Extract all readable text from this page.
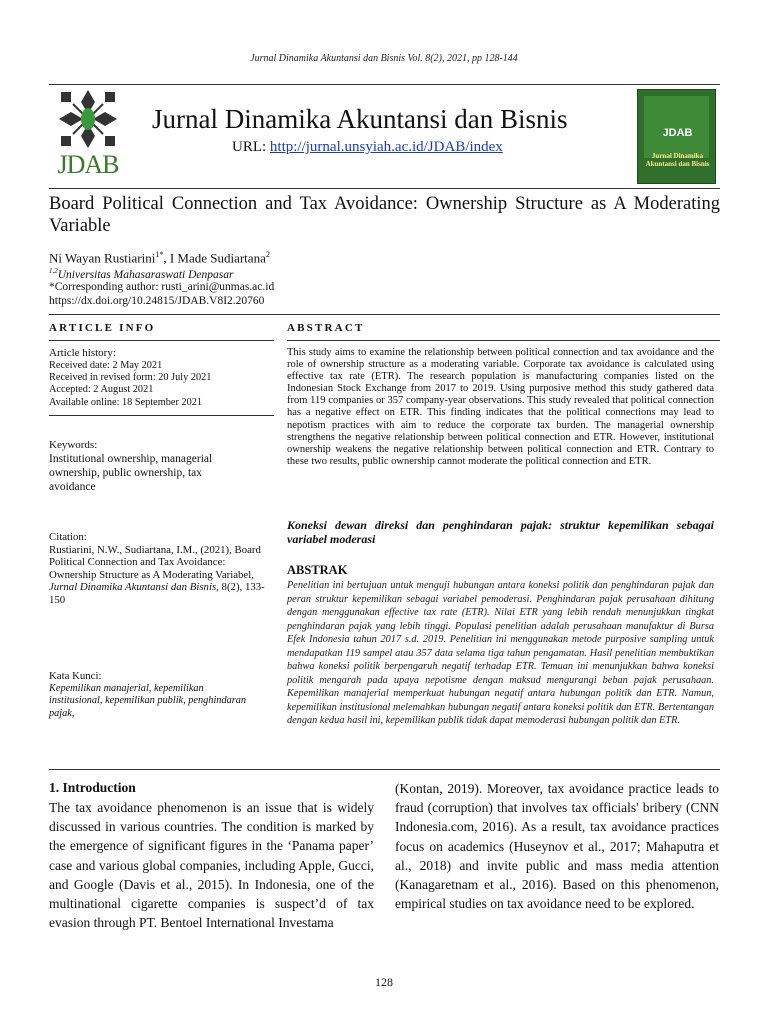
Jurnal Dinamika Akuntansi dan Bisnis Vol. 8(2), 2021, pp 128-144
JDAB
Jurnal Dinamika Akuntansi dan Bisnis
URL: http://jurnal.unsyiah.ac.id/JDAB/index
JDAB
Jurnal Dinamika Akuntansi dan Bisnis
Board Political Connection and Tax Avoidance: Ownership Structure as A Moderating Variable
Ni Wayan Rustiarini$^{1*}$, I Made Sudiartana$^2$
$^{1,2}$Universitas Mahasaraswati Denpasar
*Corresponding author: rusti_arini@unmas.ac.id
https://dx.doi.org/10.24815/JDAB.V8I2.20760
ARTICLE INFO	ABSTRACT
Article history:
Received date: 2 May 2021
Received in revised form: 20 July 2021
Accepted: 2 August 2021
Available online: 18 September 2021
Keywords:
Institutional ownership, managerial ownership, public ownership, tax avoidance
Citation:
Rustiarini, N.W., Sudiartana, I.M., (2021), Board Political Connection and Tax Avoidance: Ownership Structure as A Moderating Variabel, Jurnal Dinamika Akuntansi dan Bisnis, 8(2), 133-150
Kata Kunci:
Kepemilikan manajerial, kepemilikan institusional, kepemilikan publik, penghindaran pajak,
This study aims to examine the relationship between political connection and tax avoidance and the role of ownership structure as a moderating variable. Corporate tax avoidance is calculated using effective tax rate (ETR). The research population is manufacturing companies listed on the Indonesian Stock Exchange from 2017 to 2019. Using purposive method this study gathered data from 119 companies or 357 company-year observations. This study revealed that political connection has a negative effect on ETR. This finding indicates that the political connections may lead to nepotism practices with aim to reduce the corporate tax burden. The managerial ownership strengthens the negative relationship between political connection and ETR. However, institutional ownership weakens the negative relationship between political connection and ETR. Contrary to these two results, public ownership cannot moderate the political connection and ETR.
Koneksi dewan direksi dan penghindaran pajak: struktur kepemilikan sebagai variabel moderasi
ABSTRAK
Penelitian ini bertujuan untuk menguji hubungan antara koneksi politik dan penghindaran pajak dan peran struktur kepemilikan sebagai variabel pemoderasi. Penghindaran pajak perusahaan dihitung dengan menggunakan effective tax rate (ETR). Nilai ETR yang lebih rendah menunjukkan tingkat penghindaran pajak yang lebih tinggi. Populasi penelitian adalah perusahaan manufaktur di Bursa Efek Indonesia tahun 2017 s.d. 2019. Penelitian ini menggunakan metode purposive sampling untuk mendapatkan 119 sampel atau 357 data selama tiga tahun pengamatan. Hasil penelitian membuktikan bahwa koneksi politik berpengaruh negatif terhadap ETR. Temuan ini menunjukkan bahwa koneksi politik mengarah pada upaya nepotisme dengan maksud mengurangi beban pajak perusahaan. Kepemilikan manajerial memperkuat hubungan negatif antara hubungan politik dan ETR. Namun, kepemilikan institusional melemahkan hubungan negatif antara koneksi politik dan ETR. Bertentangan dengan kedua hasil ini, kepemilikan publik tidak dapat memoderasi hubungan politik dan ETR.
1. Introduction
The tax avoidance phenomenon is an issue that is widely discussed in various countries. The condition is marked by the emergence of significant figures in the ‘Panama paper’ case and various global companies, including Apple, Gucci, and Google (Davis et al., 2015). In Indonesia, one of the multinational cigarette companies is suspect’d of tax evasion through PT. Bentoel International Investama
(Kontan, 2019). Moreover, tax avoidance practice leads to fraud (corruption) that involves tax officials' bribery (CNN Indonesia.com, 2016). As a result, tax avoidance practices focus on academics (Huseynov et al., 2017; Mahaputra et al., 2018) and invite public and mass media attention (Kanagaretnam et al., 2016). Based on this phenomenon, empirical studies on tax avoidance need to be explored.
128
